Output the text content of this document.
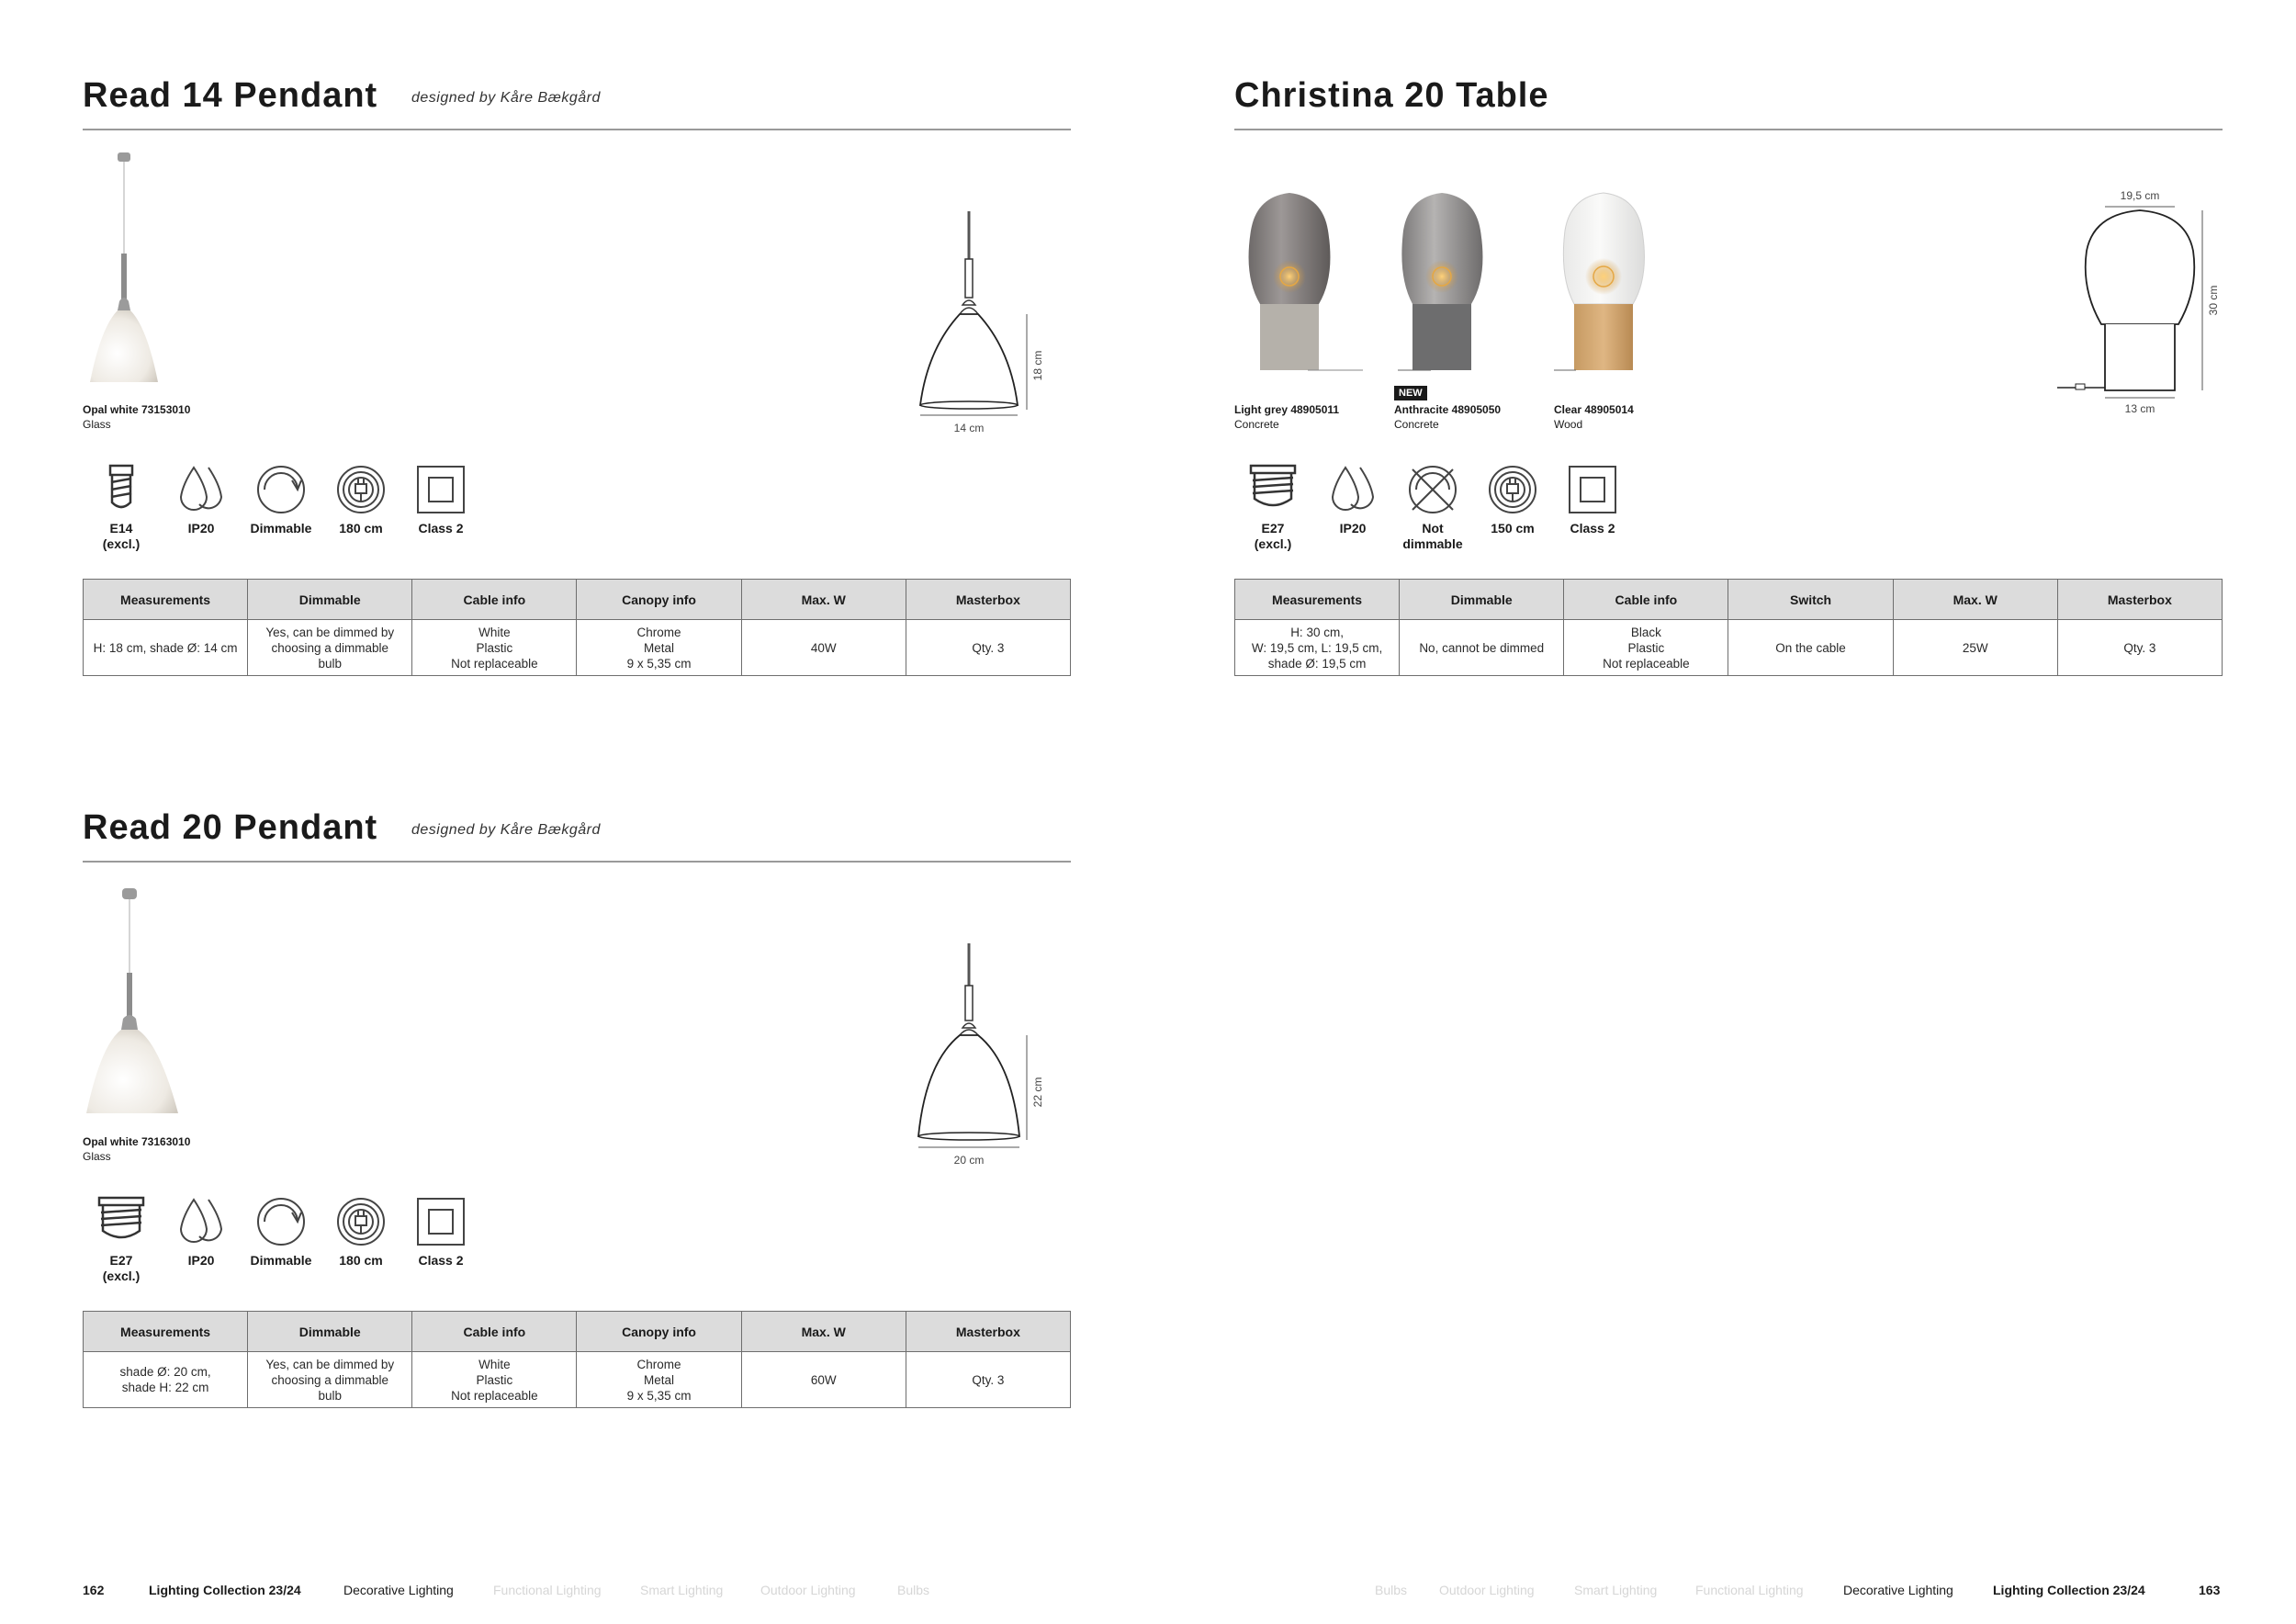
Read 14 Pendant designed by Kåre Bækgård
Opal white 73153010
Glass
18 cm
14 cm
E14
(excl.)
IP20	Dimmable	180 cm	Class 2
Measurements	Dimmable	Cable info	Canopy info	Max. W	Masterbox
H: 18 cm, shade Ø: 14 cm	Yes, can be dimmed by
choosing a dimmable
bulb	White
Plastic
Not replaceable	Chrome
Metal
9 x 5,35 cm	40W	Qty. 3
Read 20 Pendant designed by Kåre Bækgård
Opal white 73163010
Glass
22 cm
20 cm
E27
(excl.)
IP20	Dimmable	180 cm	Class 2
Measurements	Dimmable	Cable info	Canopy info	Max. W	Masterbox
shade Ø: 20 cm,
shade H: 22 cm	Yes, can be dimmed by
choosing a dimmable
bulb	White
Plastic
Not replaceable	Chrome
Metal
9 x 5,35 cm	60W	Qty. 3
Christina 20 Table
Light grey 48905011
Concrete
NEW
Anthracite 48905050
Concrete
Clear 48905014
Wood
19,5 cm
30 cm
13 cm
E27
(excl.)
IP20	Not
dimmable
150 cm	Class 2
Measurements	Dimmable	Cable info	Switch	Max. W	Masterbox
H: 30 cm,
W: 19,5 cm, L: 19,5 cm,
shade Ø: 19,5 cm	No, cannot be dimmed	Black
Plastic
Not replaceable	On the cable	25W	Qty. 3
162	Lighting Collection 23/24	Decorative Lighting	Functional Lighting	Smart Lighting	Outdoor Lighting	Bulbs	Bulbs Outdoor Lighting	Smart Lighting	Functional Lighting	Decorative Lighting	Lighting Collection 23/24	163
